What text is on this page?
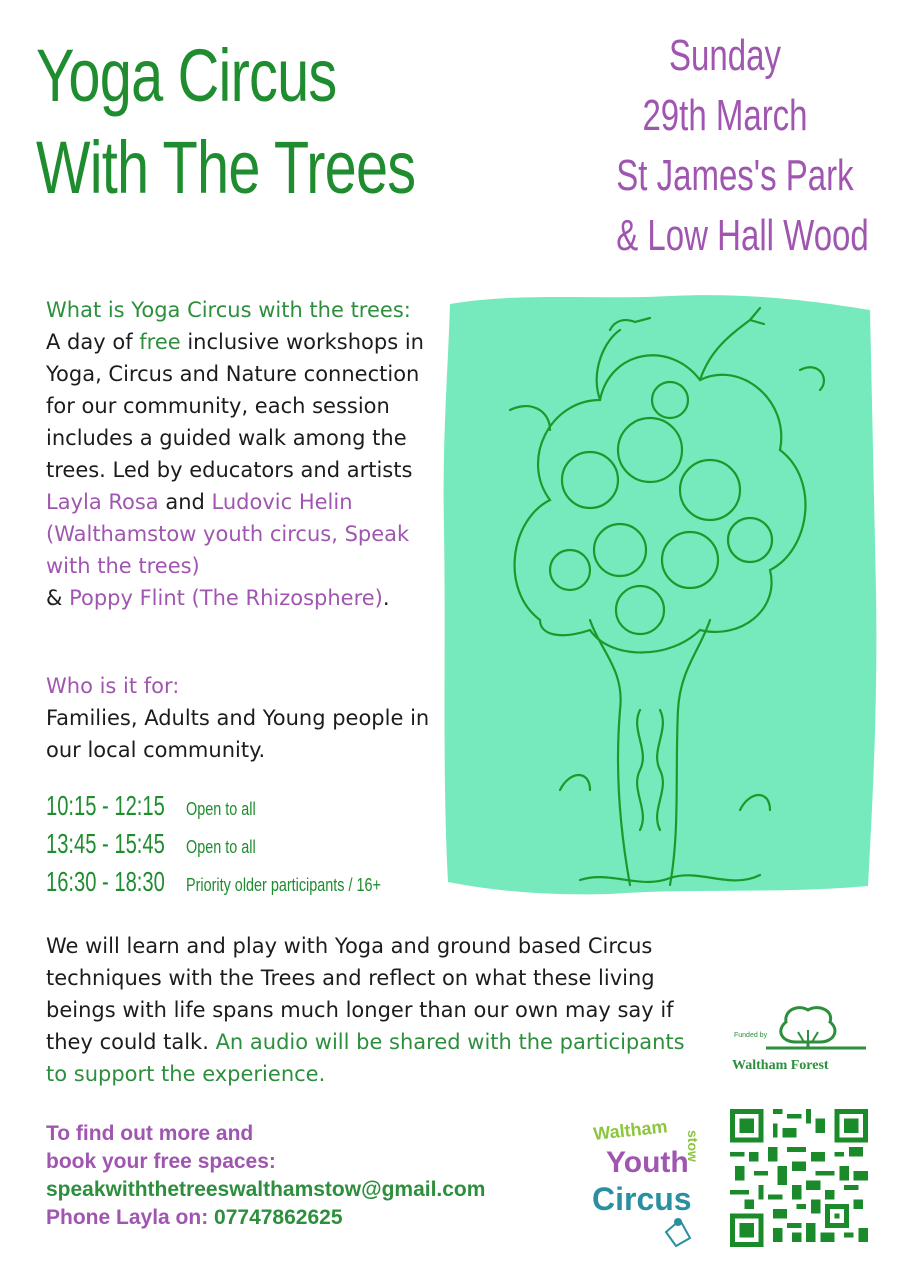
Yoga Circus
With The Trees
Sunday
29th March
St James's Park
& Low Hall Wood
What is Yoga Circus with the trees: A day of free inclusive workshops in Yoga, Circus and Nature connection for our community, each session includes a guided walk among the trees. Led by educators and artists Layla Rosa and Ludovic Helin (Walthamstow youth circus, Speak with the trees)
& Poppy Flint (The Rhizosphere).
Who is it for:
Families, Adults and Young people in our local community.
10:15 - 12:15 Open to all
13:45 - 15:45 Open to all
16:30 - 18:30 Priority older participants / 16+
We will learn and play with Yoga and ground based Circus techniques with the Trees and reflect on what these living beings with life spans much longer than our own may say if they could talk. An audio will be shared with the participants to support the experience.
To find out more and
book your free spaces:
speakwiththetreeswalthamstow@gmail.com
Phone Layla on: 07747862625
Funded by
Waltham Forest
Waltham stow
Youth
Circus
